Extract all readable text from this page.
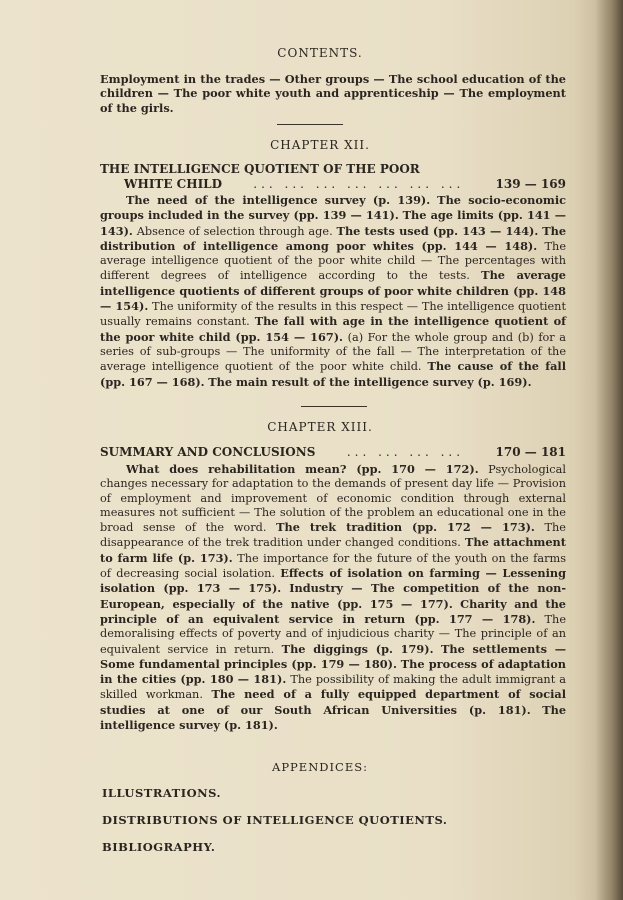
CONTENTS.

Employment in the trades — Other groups — The school education of the children — The poor white youth and apprenticeship — The employment of the girls.

CHAPTER XII.
THE INTELLIGENCE QUOTIENT OF THE POOR
WHITE CHILD	... ... ... ... ... ... ...	139 — 169

The need of the intelligence survey (p. 139). The socio-economic groups included in the survey (pp. 139 — 141). The age limits (pp. 141 — 143). Absence of selection through age. The tests used (pp. 143 — 144). The distribution of intelligence among poor whites (pp. 144 — 148). The average intelligence quotient of the poor white child — The percentages with different degrees of intelligence according to the tests. The average intelligence quotients of different groups of poor white children (pp. 148 — 154). The uniformity of the results in this respect — The intelligence quotient usually remains constant. The fall with age in the intelligence quotient of the poor white child (pp. 154 — 167). (a) For the whole group and (b) for a series of sub-groups — The uniformity of the fall — The interpretation of the average intelligence quotient of the poor white child. The cause of the fall (pp. 167 — 168). The main result of the intelligence survey (p. 169).

CHAPTER XIII.
SUMMARY AND CONCLUSIONS	... ... ... ...	170 — 181

What does rehabilitation mean? (pp. 170 — 172). Psychological changes necessary for adaptation to the demands of present day life — Provision of employment and improvement of economic condition through external measures not sufficient — The solution of the problem an educational one in the broad sense of the word. The trek tradition (pp. 172 — 173). The disappearance of the trek tradition under changed conditions. The attachment to farm life (p. 173). The importance for the future of the youth on the farms of decreasing social isolation. Effects of isolation on farming — Lessening isolation (pp. 173 — 175). Industry — The competition of the non-European, especially of the native (pp. 175 — 177). Charity and the principle of an equivalent service in return (pp. 177 — 178). The demoralising effects of poverty and of injudicious charity — The principle of an equivalent service in return. The diggings (p. 179). The settlements — Some fundamental principles (pp. 179 — 180). The process of adaptation in the cities (pp. 180 — 181). The possibility of making the adult immigrant a skilled workman. The need of a fully equipped department of social studies at one of our South African Universities (p. 181). The intelligence survey (p. 181).

APPENDICES:
ILLUSTRATIONS.
DISTRIBUTIONS OF INTELLIGENCE QUOTIENTS.
BIBLIOGRAPHY.
